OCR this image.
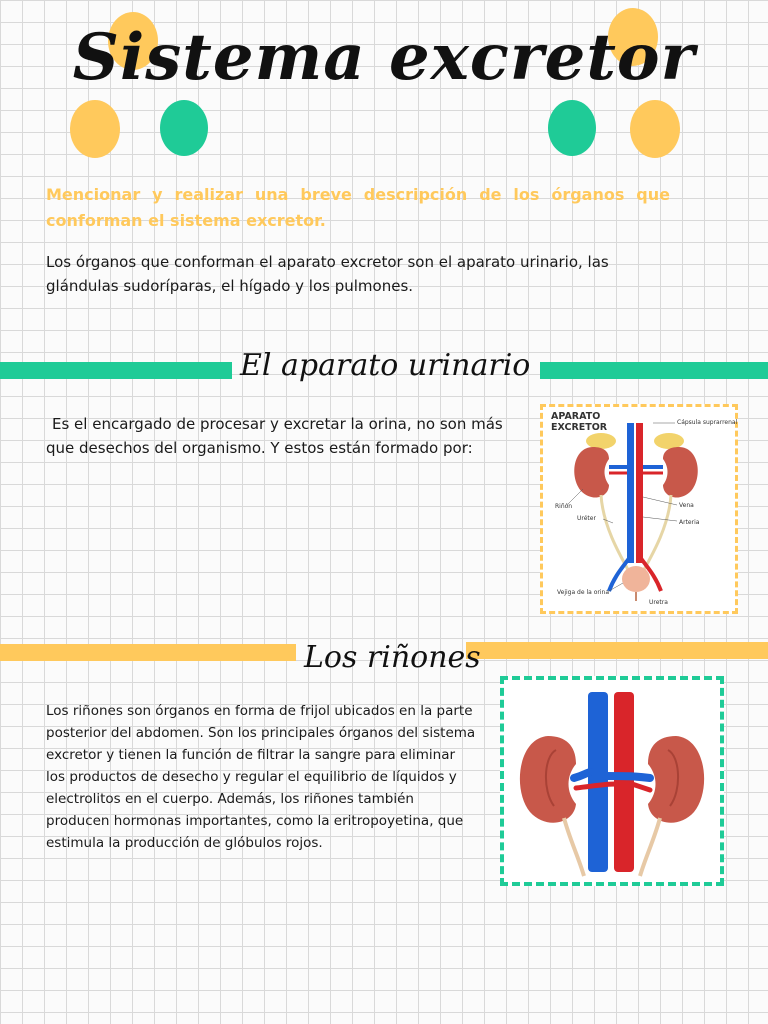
Sistema excretor
Mencionar y realizar una breve descripción de los órganos que conforman el sistema excretor.
Los órganos que conforman el aparato excretor son el aparato urinario, las glándulas sudoríparas, el hígado y los pulmones.
El aparato urinario
Es el encargado de procesar y excretar la orina, no son más que desechos del organismo. Y estos están formado por:
APARATO
EXCRETOR	Cápsula suprarrenal
Riñón	Vena
Uréter
Arteria
Vejiga de la orina
Uretra
Los riñones
Los riñones son órganos en forma de frijol ubicados en la parte posterior del abdomen. Son los principales órganos del sistema excretor y tienen la función de filtrar la sangre para eliminar los productos de desecho y regular el equilibrio de líquidos y electrolitos en el cuerpo. Además, los riñones también producen hormonas importantes, como la eritropoyetina, que estimula la producción de glóbulos rojos.
